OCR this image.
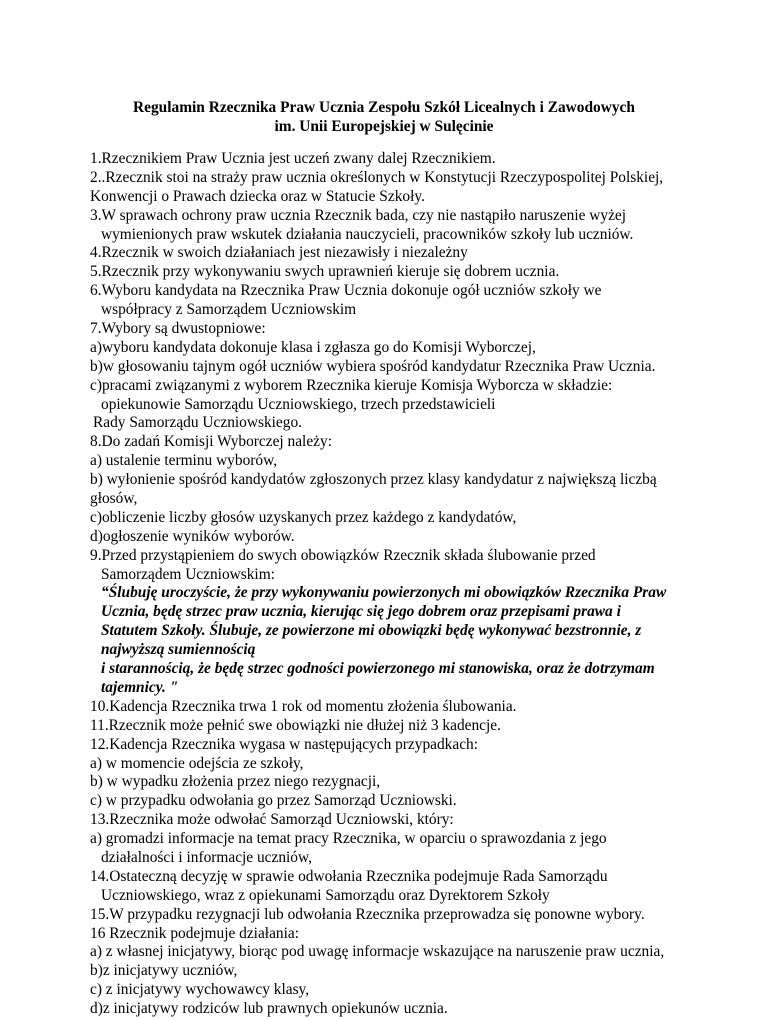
Regulamin Rzecznika Praw Ucznia Zespołu Szkół Licealnych i Zawodowych
im. Unii Europejskiej w Sulęcinie
1.Rzecznikiem Praw Ucznia jest uczeń zwany dalej Rzecznikiem.
2..Rzecznik stoi na straży praw ucznia określonych w Konstytucji Rzeczypospolitej Polskiej,
Konwencji o Prawach dziecka oraz w Statucie Szkoły.
3.W sprawach ochrony praw ucznia Rzecznik bada, czy nie nastąpiło naruszenie wyżej
wymienionych praw wskutek działania nauczycieli, pracowników szkoły lub uczniów.
4.Rzecznik w swoich działaniach jest niezawisły i niezależny
5.Rzecznik przy wykonywaniu swych uprawnień kieruje się dobrem ucznia.
6.Wyboru kandydata na Rzecznika Praw Ucznia dokonuje ogół uczniów szkoły we
współpracy z Samorządem Uczniowskim
7.Wybory są dwustopniowe:
a)wyboru kandydata dokonuje klasa i zgłasza go do Komisji Wyborczej,
b)w głosowaniu tajnym ogół uczniów wybiera spośród kandydatur Rzecznika Praw Ucznia.
c)pracami związanymi z wyborem Rzecznika kieruje Komisja Wyborcza w składzie:
opiekunowie Samorządu Uczniowskiego, trzech przedstawicieli
Rady Samorządu Uczniowskiego.
8.Do zadań Komisji Wyborczej należy:
a) ustalenie terminu wyborów,
b) wyłonienie spośród kandydatów zgłoszonych przez klasy kandydatur z największą liczbą
głosów,
c)obliczenie liczby głosów uzyskanych przez każdego z kandydatów,
d)ogłoszenie wyników wyborów.
9.Przed przystąpieniem do swych obowiązków Rzecznik składa ślubowanie przed
Samorządem Uczniowskim:
“Ślubuję uroczyście, że przy wykonywaniu powierzonych mi obowiązków Rzecznika Praw
Ucznia, będę strzec praw ucznia, kierując się jego dobrem oraz przepisami prawa i
Statutem Szkoły. Ślubuje, ze powierzone mi obowiązki będę wykonywać bezstronnie, z
najwyższą sumiennością
i starannością, że będę strzec godności powierzonego mi stanowiska, oraz że dotrzymam
tajemnicy. "
10.Kadencja Rzecznika trwa 1 rok od momentu złożenia ślubowania.
11.Rzecznik może pełnić swe obowiązki nie dłużej niż 3 kadencje.
12.Kadencja Rzecznika wygasa w następujących przypadkach:
a) w momencie odejścia ze szkoły,
b) w wypadku złożenia przez niego rezygnacji,
c) w przypadku odwołania go przez Samorząd Uczniowski.
13.Rzecznika może odwołać Samorząd Uczniowski, który:
a) gromadzi informacje na temat pracy Rzecznika, w oparciu o sprawozdania z jego
działalności i informacje uczniów,
14.Ostateczną decyzję w sprawie odwołania Rzecznika podejmuje Rada Samorządu
Uczniowskiego, wraz z opiekunami Samorządu oraz Dyrektorem Szkoły
15.W przypadku rezygnacji lub odwołania Rzecznika przeprowadza się ponowne wybory.
16 Rzecznik podejmuje działania:
a) z własnej inicjatywy, biorąc pod uwagę informacje wskazujące na naruszenie praw ucznia,
b)z inicjatywy uczniów,
c) z inicjatywy wychowawcy klasy,
d)z inicjatywy rodziców lub prawnych opiekunów ucznia.
